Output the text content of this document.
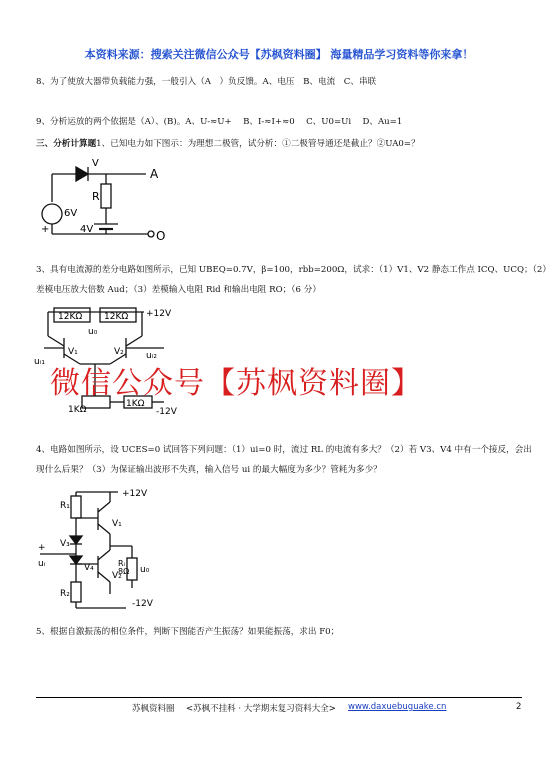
本资料来源：搜索关注微信公众号【苏枫资料圈】 海量精品学习资料等你来拿！
8、为了使放大器带负载能力强，一般引入（A　）负反馈。A、电压　B、电流　C、串联
9、分析运放的两个依据是（A）、(B)。A、U-≈U+　 B、I-≈I+≈0　 C、U0=Ui　 D、Au=1
三、分析计算题1、已知电力如下图示：为理想二极管，试分析：①二极管导通还是截止？②UA0=？
V
A
R
6V
4V	O
+
3、具有电流源的差分电路如图所示，已知 UBEQ=0.7V，β=100，rbb=200Ω，试求：（1）V1、V2 静态工作点 ICQ、UCQ；（2）
差模电压放大倍数 Aud；（3）差模输入电阻 Rid 和输出电阻 RO；（6 分）
12KΩ 12KΩ +12V
u₀
V₁	V₂
uᵢ₁
uᵢ₂
1KΩ
1KΩ
-12V
微信公众号【苏枫资料圈】
4、电路如图所示，设 UCES=0 试回答下列问题：（1）ui=0 时，流过 RL 的电流有多大？（2）若 V3、V4 中有一个接反，会出
现什么后果？（3）为保证输出波形不失真，输入信号 ui 的最大幅度为多少？管耗为多少？
R₁
+12V
V₁
V₃
V₄
V₂
Rₗ
8Ω u₀
uᵢ
+
R₂
-12V
5、根据自激振荡的相位条件，判断下图能否产生振荡？如果能振荡，求出 F0；
苏枫资料圈 <苏枫不挂科 · 大学期末复习资料大全> www.daxuebuguake.cn	2
